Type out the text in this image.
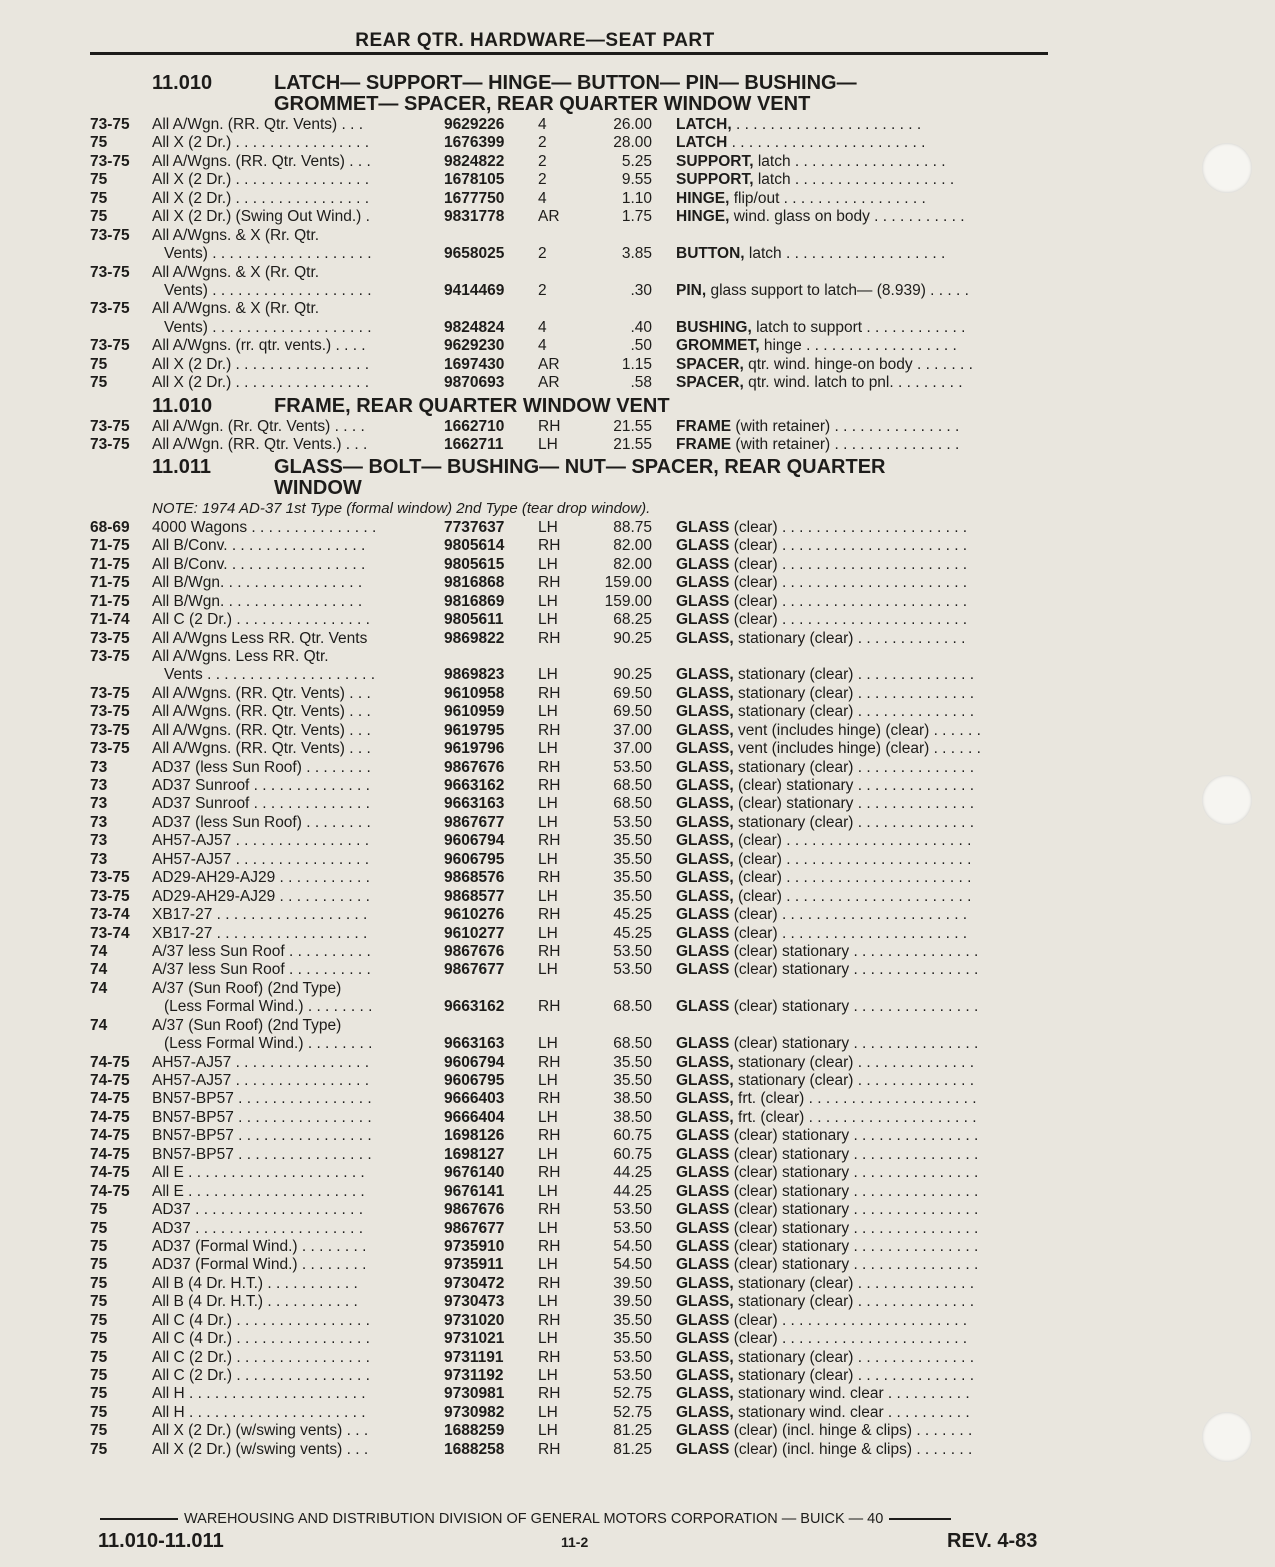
REAR QTR. HARDWARE—SEAT PART
11.010	LATCH— SUPPORT— HINGE— BUTTON— PIN— BUSHING—
GROMMET— SPACER, REAR QUARTER WINDOW VENT
73-75	All A/Wgn. (RR. Qtr. Vents) . . .	9629226	4	26.00	LATCH, . . . . . . . . . . . . . . . . . . . . . .
75	All X (2 Dr.) . . . . . . . . . . . . . . . .	1676399	2	28.00	LATCH . . . . . . . . . . . . . . . . . . . . . . .
73-75	All A/Wgns. (RR. Qtr. Vents) . . .	9824822	2	5.25	SUPPORT, latch . . . . . . . . . . . . . . . . . .
75	All X (2 Dr.) . . . . . . . . . . . . . . . .	1678105	2	9.55	SUPPORT, latch . . . . . . . . . . . . . . . . . . .
75	All X (2 Dr.) . . . . . . . . . . . . . . . .	1677750	4	1.10	HINGE, flip/out . . . . . . . . . . . . . . . . .
75	All X (2 Dr.) (Swing Out Wind.) .	9831778	AR	1.75	HINGE, wind. glass on body . . . . . . . . . . .
73-75	All A/Wgns. & X (Rr. Qtr.
Vents) . . . . . . . . . . . . . . . . . . .	9658025	2	3.85	BUTTON, latch . . . . . . . . . . . . . . . . . . .
73-75	All A/Wgns. & X (Rr. Qtr.
Vents) . . . . . . . . . . . . . . . . . . .	9414469	2	.30	PIN, glass support to latch— (8.939) . . . . .
73-75	All A/Wgns. & X (Rr. Qtr.
Vents) . . . . . . . . . . . . . . . . . . .	9824824	4	.40	BUSHING, latch to support . . . . . . . . . . . .
73-75	All A/Wgns. (rr. qtr. vents.) . . . .	9629230	4	.50	GROMMET, hinge . . . . . . . . . . . . . . . . . .
75	All X (2 Dr.) . . . . . . . . . . . . . . . .	1697430	AR	1.15	SPACER, qtr. wind. hinge-on body . . . . . . .
75	All X (2 Dr.) . . . . . . . . . . . . . . . .	9870693	AR	.58	SPACER, qtr. wind. latch to pnl. . . . . . . . .
11.010	FRAME, REAR QUARTER WINDOW VENT
73-75	All A/Wgn. (Rr. Qtr. Vents) . . . .	1662710	RH	21.55	FRAME (with retainer) . . . . . . . . . . . . . . .
73-75	All A/Wgn. (RR. Qtr. Vents.) . . .	1662711	LH	21.55	FRAME (with retainer) . . . . . . . . . . . . . . .
11.011	GLASS— BOLT— BUSHING— NUT— SPACER, REAR QUARTER
WINDOW
NOTE: 1974 AD-37 1st Type (formal window) 2nd Type (tear drop window).
68-69	4000 Wagons . . . . . . . . . . . . . . .	7737637	LH	88.75	GLASS (clear) . . . . . . . . . . . . . . . . . . . . . .
71-75	All B/Conv. . . . . . . . . . . . . . . . .	9805614	RH	82.00	GLASS (clear) . . . . . . . . . . . . . . . . . . . . . .
71-75	All B/Conv. . . . . . . . . . . . . . . . .	9805615	LH	82.00	GLASS (clear) . . . . . . . . . . . . . . . . . . . . . .
71-75	All B/Wgn. . . . . . . . . . . . . . . . .	9816868	RH	159.00	GLASS (clear) . . . . . . . . . . . . . . . . . . . . . .
71-75	All B/Wgn. . . . . . . . . . . . . . . . .	9816869	LH	159.00	GLASS (clear) . . . . . . . . . . . . . . . . . . . . . .
71-74	All C (2 Dr.) . . . . . . . . . . . . . . . .	9805611	LH	68.25	GLASS (clear) . . . . . . . . . . . . . . . . . . . . . .
73-75	All A/Wgns Less RR. Qtr. Vents	9869822	RH	90.25	GLASS, stationary (clear) . . . . . . . . . . . . .
73-75	All A/Wgns. Less RR. Qtr.
Vents . . . . . . . . . . . . . . . . . . . .	9869823	LH	90.25	GLASS, stationary (clear) . . . . . . . . . . . . . .
73-75	All A/Wgns. (RR. Qtr. Vents) . . .	9610958	RH	69.50	GLASS, stationary (clear) . . . . . . . . . . . . . .
73-75	All A/Wgns. (RR. Qtr. Vents) . . .	9610959	LH	69.50	GLASS, stationary (clear) . . . . . . . . . . . . . .
73-75	All A/Wgns. (RR. Qtr. Vents) . . .	9619795	RH	37.00	GLASS, vent (includes hinge) (clear) . . . . . .
73-75	All A/Wgns. (RR. Qtr. Vents) . . .	9619796	LH	37.00	GLASS, vent (includes hinge) (clear) . . . . . .
73	AD37 (less Sun Roof) . . . . . . . .	9867676	RH	53.50	GLASS, stationary (clear) . . . . . . . . . . . . . .
73	AD37 Sunroof . . . . . . . . . . . . . .	9663162	RH	68.50	GLASS, (clear) stationary . . . . . . . . . . . . . .
73	AD37 Sunroof . . . . . . . . . . . . . .	9663163	LH	68.50	GLASS, (clear) stationary . . . . . . . . . . . . . .
73	AD37 (less Sun Roof) . . . . . . . .	9867677	LH	53.50	GLASS, stationary (clear) . . . . . . . . . . . . . .
73	AH57-AJ57 . . . . . . . . . . . . . . . .	9606794	RH	35.50	GLASS, (clear) . . . . . . . . . . . . . . . . . . . . . .
73	AH57-AJ57 . . . . . . . . . . . . . . . .	9606795	LH	35.50	GLASS, (clear) . . . . . . . . . . . . . . . . . . . . . .
73-75	AD29-AH29-AJ29 . . . . . . . . . . .	9868576	RH	35.50	GLASS, (clear) . . . . . . . . . . . . . . . . . . . . . .
73-75	AD29-AH29-AJ29 . . . . . . . . . . .	9868577	LH	35.50	GLASS, (clear) . . . . . . . . . . . . . . . . . . . . . .
73-74	XB17-27 . . . . . . . . . . . . . . . . . .	9610276	RH	45.25	GLASS (clear) . . . . . . . . . . . . . . . . . . . . . .
73-74	XB17-27 . . . . . . . . . . . . . . . . . .	9610277	LH	45.25	GLASS (clear) . . . . . . . . . . . . . . . . . . . . . .
74	A/37 less Sun Roof . . . . . . . . . .	9867676	RH	53.50	GLASS (clear) stationary . . . . . . . . . . . . . . .
74	A/37 less Sun Roof . . . . . . . . . .	9867677	LH	53.50	GLASS (clear) stationary . . . . . . . . . . . . . . .
74	A/37 (Sun Roof) (2nd Type)
(Less Formal Wind.) . . . . . . . .	9663162	RH	68.50	GLASS (clear) stationary . . . . . . . . . . . . . . .
74	A/37 (Sun Roof) (2nd Type)
(Less Formal Wind.) . . . . . . . .	9663163	LH	68.50	GLASS (clear) stationary . . . . . . . . . . . . . . .
74-75	AH57-AJ57 . . . . . . . . . . . . . . . .	9606794	RH	35.50	GLASS, stationary (clear) . . . . . . . . . . . . . .
74-75	AH57-AJ57 . . . . . . . . . . . . . . . .	9606795	LH	35.50	GLASS, stationary (clear) . . . . . . . . . . . . . .
74-75	BN57-BP57 . . . . . . . . . . . . . . . .	9666403	RH	38.50	GLASS, frt. (clear) . . . . . . . . . . . . . . . . . . . .
74-75	BN57-BP57 . . . . . . . . . . . . . . . .	9666404	LH	38.50	GLASS, frt. (clear) . . . . . . . . . . . . . . . . . . . .
74-75	BN57-BP57 . . . . . . . . . . . . . . . .	1698126	RH	60.75	GLASS (clear) stationary . . . . . . . . . . . . . . .
74-75	BN57-BP57 . . . . . . . . . . . . . . . .	1698127	LH	60.75	GLASS (clear) stationary . . . . . . . . . . . . . . .
74-75	All E . . . . . . . . . . . . . . . . . . . . .	9676140	RH	44.25	GLASS (clear) stationary . . . . . . . . . . . . . . .
74-75	All E . . . . . . . . . . . . . . . . . . . . .	9676141	LH	44.25	GLASS (clear) stationary . . . . . . . . . . . . . . .
75	AD37 . . . . . . . . . . . . . . . . . . . .	9867676	RH	53.50	GLASS (clear) stationary . . . . . . . . . . . . . . .
75	AD37 . . . . . . . . . . . . . . . . . . . .	9867677	LH	53.50	GLASS (clear) stationary . . . . . . . . . . . . . . .
75	AD37 (Formal Wind.) . . . . . . . .	9735910	RH	54.50	GLASS (clear) stationary . . . . . . . . . . . . . . .
75	AD37 (Formal Wind.) . . . . . . . .	9735911	LH	54.50	GLASS (clear) stationary . . . . . . . . . . . . . . .
75	All B (4 Dr. H.T.) . . . . . . . . . . .	9730472	RH	39.50	GLASS, stationary (clear) . . . . . . . . . . . . . .
75	All B (4 Dr. H.T.) . . . . . . . . . . .	9730473	LH	39.50	GLASS, stationary (clear) . . . . . . . . . . . . . .
75	All C (4 Dr.) . . . . . . . . . . . . . . . .	9731020	RH	35.50	GLASS (clear) . . . . . . . . . . . . . . . . . . . . . .
75	All C (4 Dr.) . . . . . . . . . . . . . . . .	9731021	LH	35.50	GLASS (clear) . . . . . . . . . . . . . . . . . . . . . .
75	All C (2 Dr.) . . . . . . . . . . . . . . . .	9731191	RH	53.50	GLASS, stationary (clear) . . . . . . . . . . . . . .
75	All C (2 Dr.) . . . . . . . . . . . . . . . .	9731192	LH	53.50	GLASS, stationary (clear) . . . . . . . . . . . . . .
75	All H . . . . . . . . . . . . . . . . . . . . .	9730981	RH	52.75	GLASS, stationary wind. clear . . . . . . . . . .
75	All H . . . . . . . . . . . . . . . . . . . . .	9730982	LH	52.75	GLASS, stationary wind. clear . . . . . . . . . .
75	All X (2 Dr.) (w/swing vents) . . .	1688259	LH	81.25	GLASS (clear) (incl. hinge & clips) . . . . . . .
75	All X (2 Dr.) (w/swing vents) . . .	1688258	RH	81.25	GLASS (clear) (incl. hinge & clips) . . . . . . .
WAREHOUSING AND DISTRIBUTION DIVISION OF GENERAL MOTORS CORPORATION — BUICK — 40
11.010-11.011	11-2	REV. 4-83
